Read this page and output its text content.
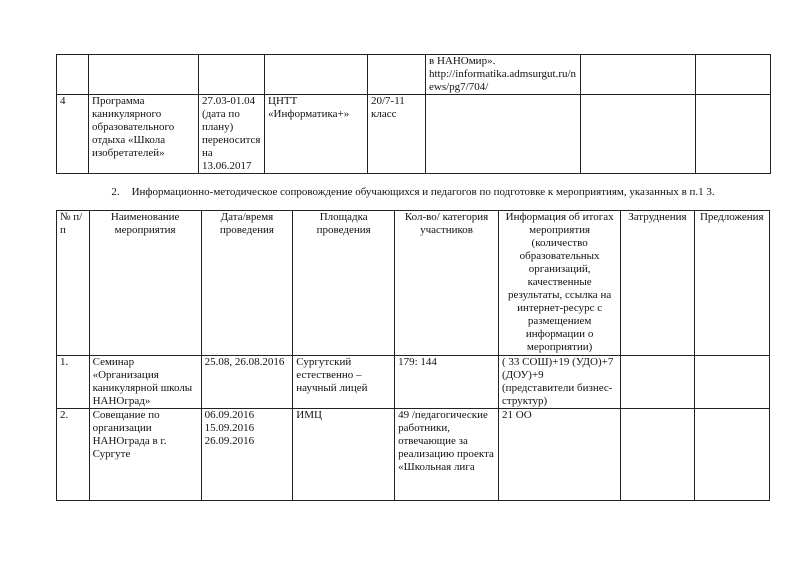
					в НАНОмир». http://informatika.admsurgut.ru/news/pg7/704/		
4	Программа каникулярного образовательного отдыха «Школа изобретателей»	27.03-01.04 (дата по плану) переносится на 13.06.2017	ЦНТТ «Информатика+»	20/7-11 класс			
2. Информационно-методическое сопровождение обучающихся и педагогов по подготовке к мероприятиям, указанных в п.1 3.
№ п/п	Наименование мероприятия	Дата/время проведения	Площадка проведения	Кол-во/ категория участников	Информация об итогах мероприятия (количество образовательных организаций, качественные результаты, ссылка на интернет-ресурс с размещением информации о мероприятии)	Затруднения	Предложения
1.	Семинар «Организация каникулярной школы НАНОград»	25.08, 26.08.2016	Сургутский естественно – научный лицей	179: 144	( 33 СОШ)+19 (УДО)+7 (ДОУ)+9 (представители бизнес-структур)		
2.	Совещание по организации НАНОграда в г. Сургуте	06.09.2016 15.09.2016 26.09.2016	ИМЦ	49 /педагогические работники, отвечающие за реализацию проекта «Школьная лига	21 ОО		
